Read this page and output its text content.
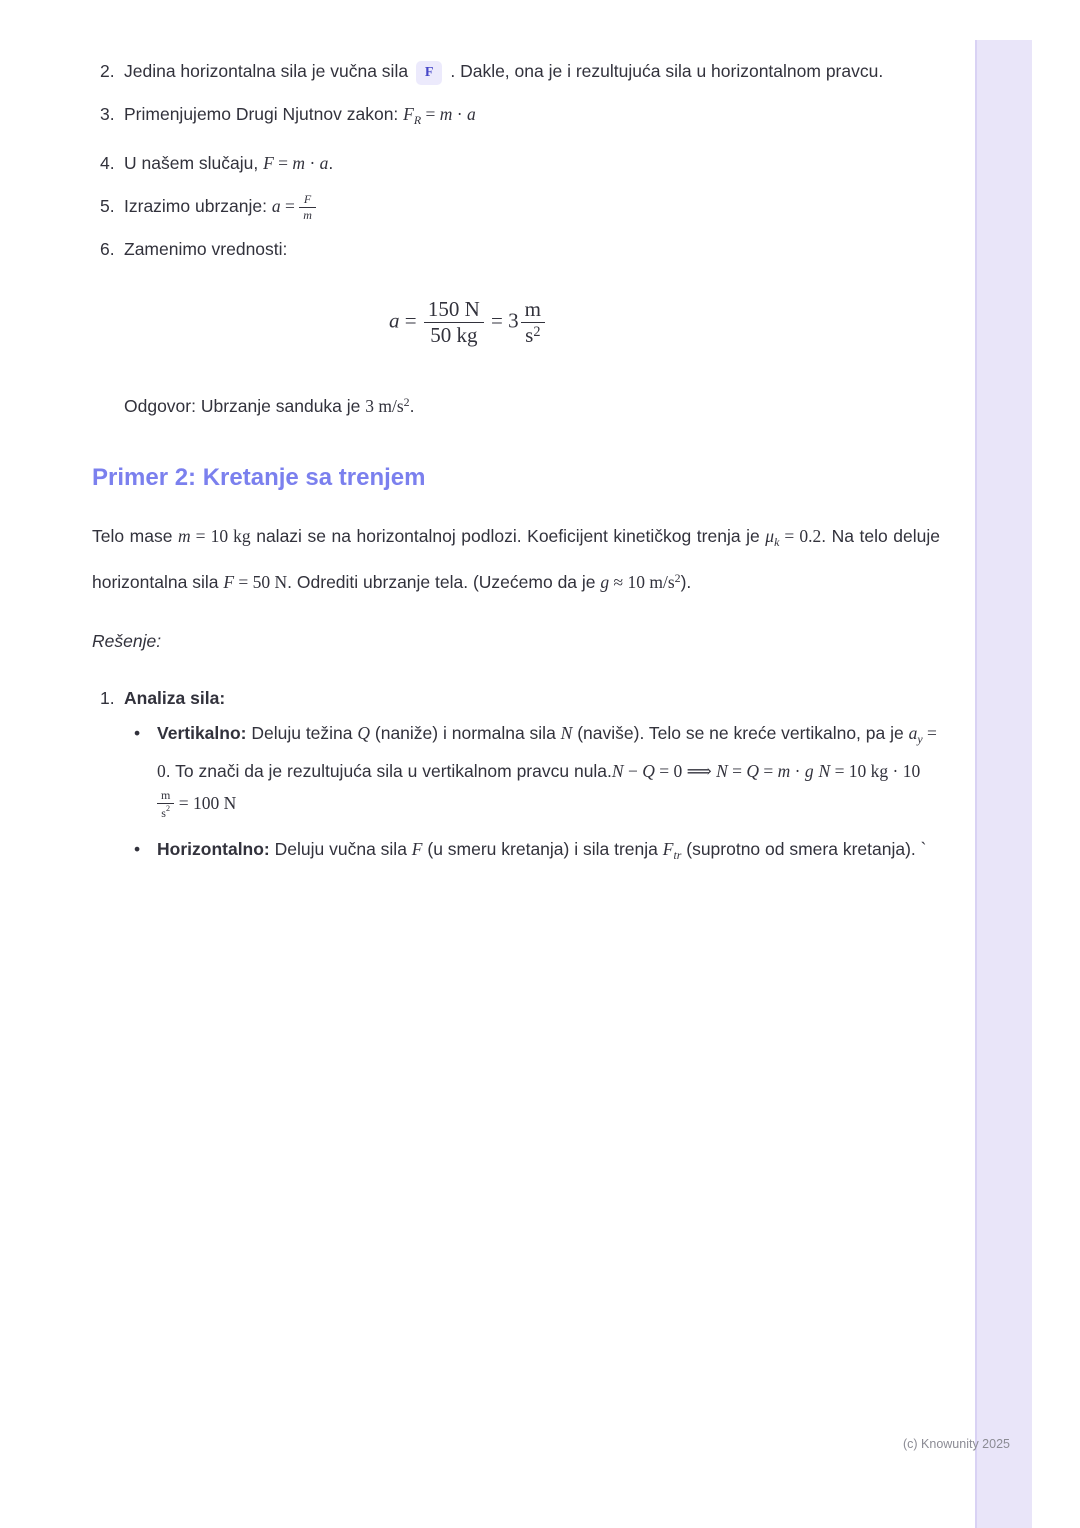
2. Jedina horizontalna sila je vučna sila F . Dakle, ona je i rezultujuća sila u horizontalnom pravcu.
3. Primenjujemo Drugi Njutnov zakon: $F_R = m \cdot a$
4. U našem slučaju, F = m · a.
5. Izrazimo ubrzanje: $a = \frac{F}{m}$
6. Zamenimo vrednosti:
$a = \frac{150 N}{50 kg} = 3 \frac{m}{s^2}$
Odgovor: Ubrzanje sanduka je 3 $m/s^2$.
Primer 2: Kretanje sa trenjem

Telo mase m = 10 kg nalazi se na horizontalnoj podlozi. Koeficijent kinetičkog trenja je $\mu_k = 0.2$. Na telo deluje horizontalna sila F = 50 N. Odrediti ubrzanje tela. (Uzećemo da je g ≈ 10 $m/s^2$).

Rešenje:

1. Analiza sila:
• Vertikalno: Deluju težina Q (naniže) i normalna sila N (naviše). Telo se ne kreće vertikalno, pa je $a_y = 0$. To znači da je rezultujuća sila u vertikalnom pravcu nula.N − Q = 0 ⟹ N = Q = m · g N = 10 kg · 10
$\frac{m}{s^2} = 100$ N
• Horizontalno: Deluju vučna sila F (u smeru kretanja) i sila trenja $F_{tr}$ (suprotno od smera kretanja). `
(c) Knowunity 2025
